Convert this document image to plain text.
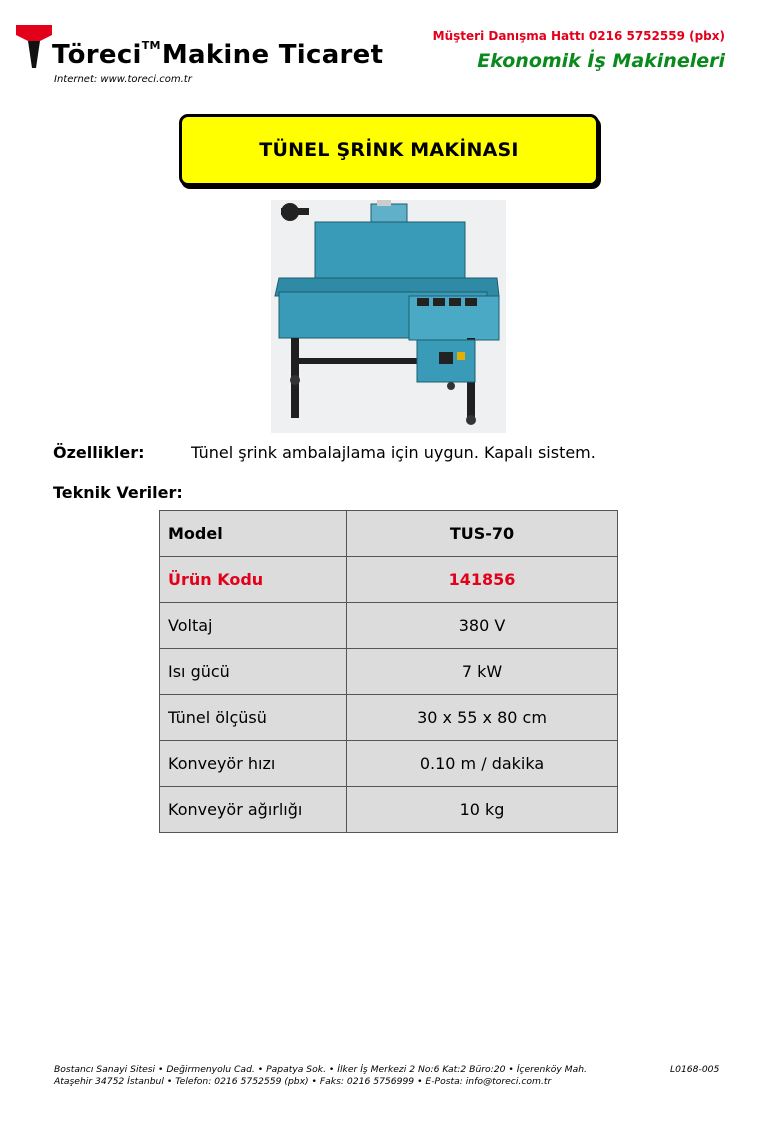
Töreci™Makine Ticaret
Internet: www.toreci.com.tr
Müşteri Danışma Hattı 0216 5752559 (pbx)
Ekonomik İş Makineleri
TÜNEL ŞRİNK MAKİNASI
Özellikler:	Tünel şrink ambalajlama için uygun. Kapalı sistem.
Teknik Veriler:
Model	TUS-70
Ürün Kodu	141856
Voltaj	380 V
Isı gücü	7 kW
Tünel ölçüsü	30 x 55 x 80 cm
Konveyör hızı	0.10 m / dakika
Konveyör ağırlığı	10 kg
Bostancı Sanayi Sitesi • Değirmenyolu Cad. • Papatya Sok. • İlker İş Merkezi 2 No:6 Kat:2 Büro:20 • İçerenköy Mah.
Ataşehir 34752 İstanbul • Telefon: 0216 5752559 (pbx) • Faks: 0216 5756999 • E-Posta: info@toreci.com.tr
L0168-005
